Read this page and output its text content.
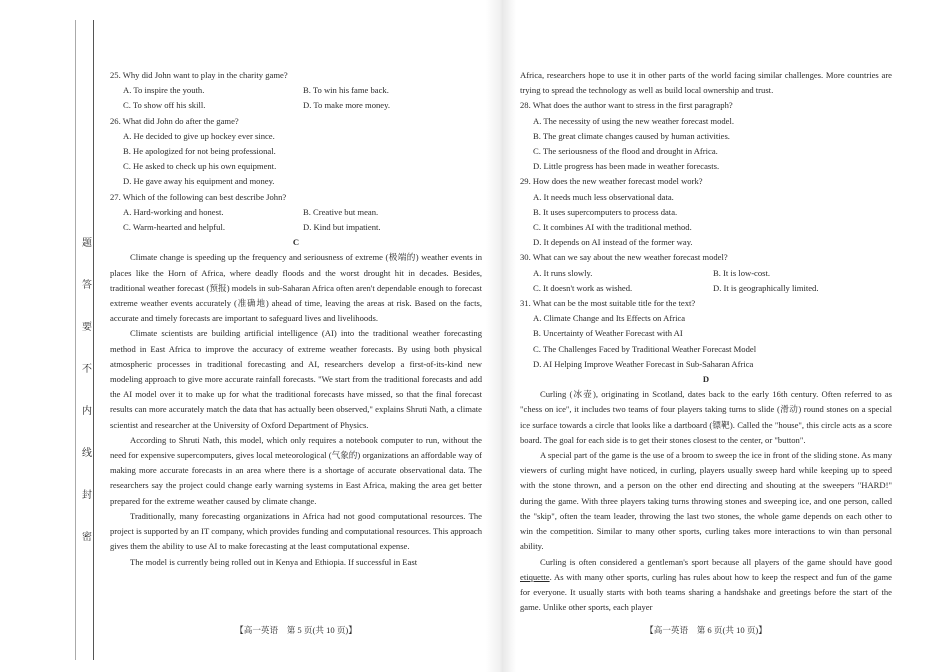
题
答
要
不
内
线
封
密
25. Why did John want to play in the charity game?
A. To inspire the youth.	B. To win his fame back.
C. To show off his skill.	D. To make more money.
26. What did John do after the game?
A. He decided to give up hockey ever since.
B. He apologized for not being professional.
C. He asked to check up his own equipment.
D. He gave away his equipment and money.
27. Which of the following can best describe John?
A. Hard-working and honest.	B. Creative but mean.
C. Warm-hearted and helpful.	D. Kind but impatient.
C

Climate change is speeding up the frequency and seriousness of extreme (极端的) weather events in places like the Horn of Africa, where deadly floods and the worst drought hit in decades. Besides, traditional weather forecast (预报) models in sub-Saharan Africa often aren't dependable enough to forecast extreme weather events accurately (准确地) ahead of time, leaving the areas at risk. Based on the facts, accurate and timely forecasts are important to safeguard lives and livelihoods.

Climate scientists are building artificial intelligence (AI) into the traditional weather forecasting method in East Africa to improve the accuracy of extreme weather forecasts. By using both physical atmospheric processes in traditional forecasting and AI, researchers develop a first-of-its-kind new modeling approach to give more accurate rainfall forecasts. "We start from the traditional forecasts and add the AI model over it to make up for what the traditional forecasts have missed, so that the final forecast results can more accurately match the data that has actually been observed," explains Shruti Nath, a climate scientist and researcher at the University of Oxford Department of Physics.

According to Shruti Nath, this model, which only requires a notebook computer to run, without the need for expensive supercomputers, gives local meteorological (气象的) organizations an affordable way of making more accurate forecasts in an area where there is a shortage of accurate observational data. The researchers say the project could change early warning systems in East Africa, making the area get better prepared for the extreme weather caused by climate change.

Traditionally, many forecasting organizations in Africa had not good computational resources. The project is supported by an IT company, which provides funding and computational resources. This approach gives them the ability to use AI to make forecasting at the least computational expense.

The model is currently being rolled out in Kenya and Ethiopia. If successful in East

【高一英语　第 5 页(共 10 页)】

Africa, researchers hope to use it in other parts of the world facing similar challenges. More countries are trying to spread the technology as well as build local ownership and trust.

28. What does the author want to stress in the first paragraph?
A. The necessity of using the new weather forecast model.
B. The great climate changes caused by human activities.
C. The seriousness of the flood and drought in Africa.
D. Little progress has been made in weather forecasts.
29. How does the new weather forecast model work?
A. It needs much less observational data.
B. It uses supercomputers to process data.
C. It combines AI with the traditional method.
D. It depends on AI instead of the former way.
30. What can we say about the new weather forecast model?
A. It runs slowly.	B. It is low-cost.
C. It doesn't work as wished.	D. It is geographically limited.
31. What can be the most suitable title for the text?
A. Climate Change and Its Effects on Africa
B. Uncertainty of Weather Forecast with AI
C. The Challenges Faced by Traditional Weather Forecast Model
D. AI Helping Improve Weather Forecast in Sub-Saharan Africa
D

Curling (冰壶), originating in Scotland, dates back to the early 16th century. Often referred to as "chess on ice", it includes two teams of four players taking turns to slide (滑动) round stones on a special ice surface towards a circle that looks like a dartboard (镖靶). Called the "house", this circle acts as a score board. The goal for each side is to get their stones closest to the center, or "button".

A special part of the game is the use of a broom to sweep the ice in front of the sliding stone. As many viewers of curling might have noticed, in curling, players usually sweep hard while keeping up to speed with the stone thrown, and a person on the other end directing and shouting at the sweepers "HARD!" during the game. With three players taking turns throwing stones and sweeping ice, and one person, called the "skip", often the team leader, throwing the last two stones, the whole game depends on each other to win the competition. Similar to many other sports, curling takes more interactions to win than personal ability.

Curling is often considered a gentleman's sport because all players of the game should have good etiquette. As with many other sports, curling has rules about how to keep the respect and fun of the game for everyone. It usually starts with both teams sharing a handshake and greetings before the start of the game. Unlike other sports, each player

【高一英语　第 6 页(共 10 页)】
